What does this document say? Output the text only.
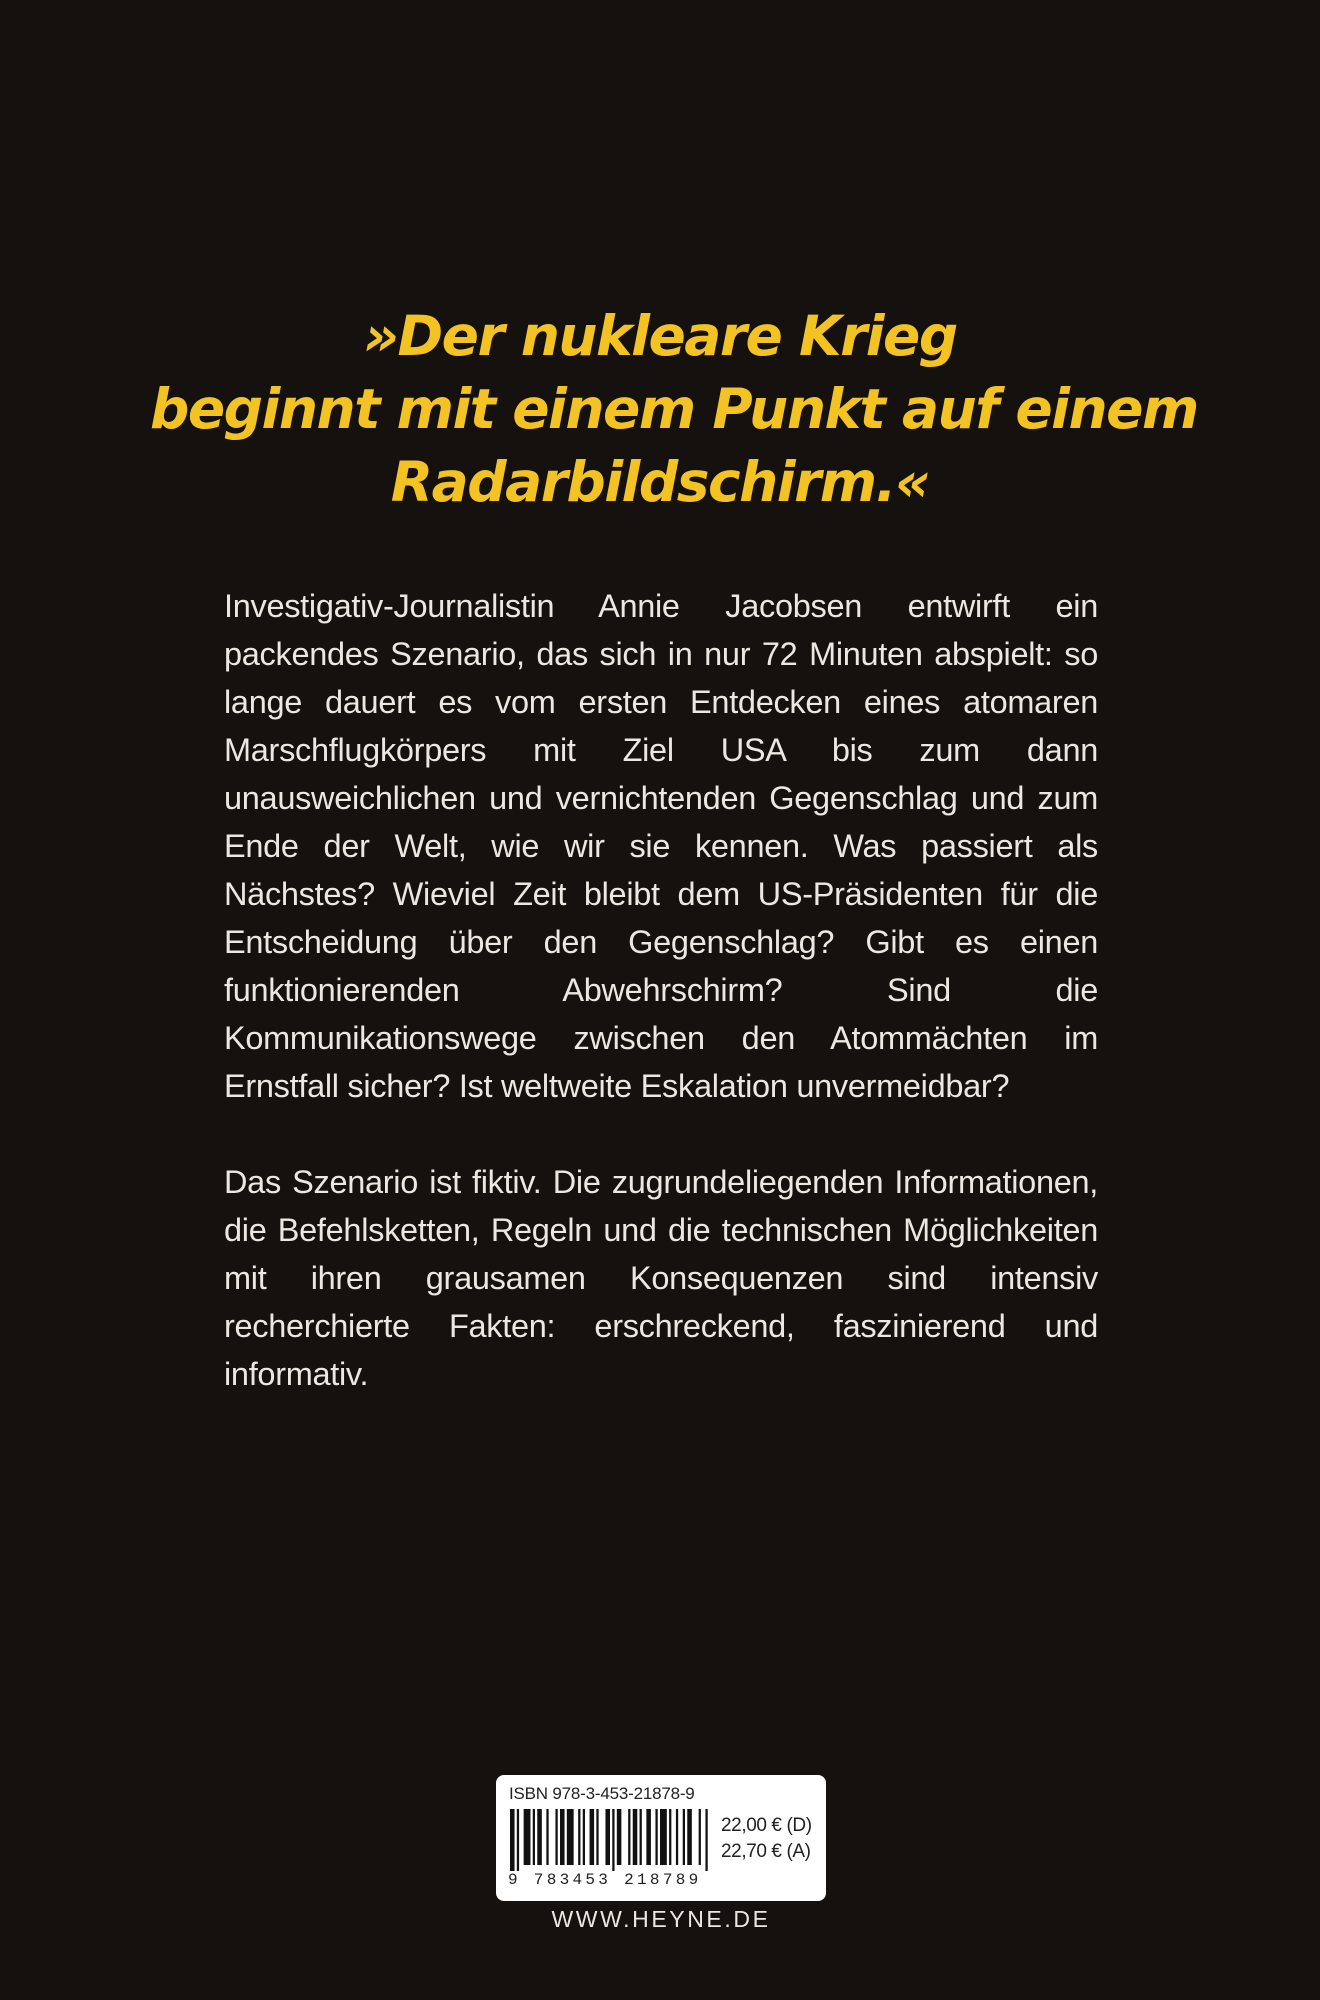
»Der nukleare Krieg
beginnt mit einem Punkt auf einem
Radarbildschirm.«

Investigativ-Journalistin Annie Jacobsen entwirft ein packendes Szenario, das sich in nur 72 Minuten abspielt: so lange dauert es vom ersten Entdecken eines atomaren Marschflugkörpers mit Ziel USA bis zum dann unausweichlichen und vernichtenden Gegenschlag und zum Ende der Welt, wie wir sie kennen. Was passiert als Nächstes? Wieviel Zeit bleibt dem US-Präsidenten für die Entscheidung über den Gegenschlag? Gibt es einen funktionierenden Abwehrschirm? Sind die Kommunikationswege zwischen den Atommächten im Ernstfall sicher? Ist weltweite Eskalation unvermeidbar?

Das Szenario ist fiktiv. Die zugrundeliegenden Informationen, die Befehlsketten, Regeln und die technischen Möglichkeiten mit ihren grausamen Konsequenzen sind intensiv recherchierte Fakten: erschreckend, faszinierend und informativ.

ISBN 978-3-453-21878-9
9 783453 218789
22,00 € (D)
22,70 € (A)
WWW.HEYNE.DE
